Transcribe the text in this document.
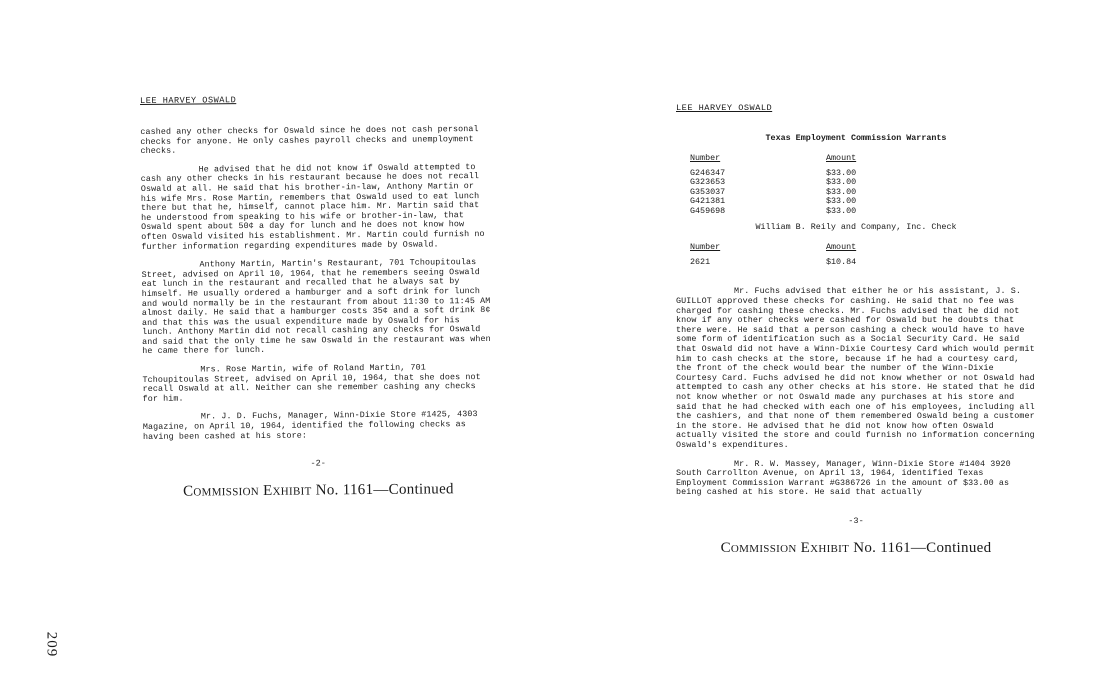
LEE HARVEY OSWALD

cashed any other checks for Oswald since he does not cash personal checks for anyone. He only cashes payroll checks and unemployment checks.

He advised that he did not know if Oswald attempted to cash any other checks in his restaurant because he does not recall Oswald at all. He said that his brother-in-law, Anthony Martin or his wife Mrs. Rose Martin, remembers that Oswald used to eat lunch there but that he, himself, cannot place him. Mr. Martin said that he understood from speaking to his wife or brother-in-law, that Oswald spent about 50¢ a day for lunch and he does not know how often Oswald visited his establishment. Mr. Martin could furnish no further information regarding expenditures made by Oswald.

Anthony Martin, Martin's Restaurant, 701 Tchoupitoulas Street, advised on April 10, 1964, that he remembers seeing Oswald eat lunch in the restaurant and recalled that he always sat by himself. He usually ordered a hamburger and a soft drink for lunch and would normally be in the restaurant from about 11:30 to 11:45 AM almost daily. He said that a hamburger costs 35¢ and a soft drink 8¢ and that this was the usual expenditure made by Oswald for his lunch. Anthony Martin did not recall cashing any checks for Oswald and said that the only time he saw Oswald in the restaurant was when he came there for lunch.

Mrs. Rose Martin, wife of Roland Martin, 701 Tchoupitoulas Street, advised on April 10, 1964, that she does not recall Oswald at all. Neither can she remember cashing any checks for him.

Mr. J. D. Fuchs, Manager, Winn-Dixie Store #1425, 4303 Magazine, on April 10, 1964, identified the following checks as having been cashed at his store:

-2-
Commission Exhibit No. 1161—Continued
LEE HARVEY OSWALD
Texas Employment Commission Warrants
Number	Amount
G246347	$33.00
G323653	$33.00
G353037	$33.00
G421381	$33.00
G459698	$33.00
William B. Reily and Company, Inc. Check
Number	Amount
2621	$10.84

Mr. Fuchs advised that either he or his assistant, J. S. GUILLOT approved these checks for cashing. He said that no fee was charged for cashing these checks. Mr. Fuchs advised that he did not know if any other checks were cashed for Oswald but he doubts that there were. He said that a person cashing a check would have to have some form of identification such as a Social Security Card. He said that Oswald did not have a Winn-Dixie Courtesy Card which would permit him to cash checks at the store, because if he had a courtesy card, the front of the check would bear the number of the Winn-Dixie Courtesy Card. Fuchs advised he did not know whether or not Oswald had attempted to cash any other checks at his store. He stated that he did not know whether or not Oswald made any purchases at his store and said that he had checked with each one of his employees, including all the cashiers, and that none of them remembered Oswald being a customer in the store. He advised that he did not know how often Oswald actually visited the store and could furnish no information concerning Oswald's expenditures.

Mr. R. W. Massey, Manager, Winn-Dixie Store #1404 3920 South Carrollton Avenue, on April 13, 1964, identified Texas Employment Commission Warrant #G386726 in the amount of $33.00 as being cashed at his store. He said that actually

-3-
Commission Exhibit No. 1161—Continued
209
